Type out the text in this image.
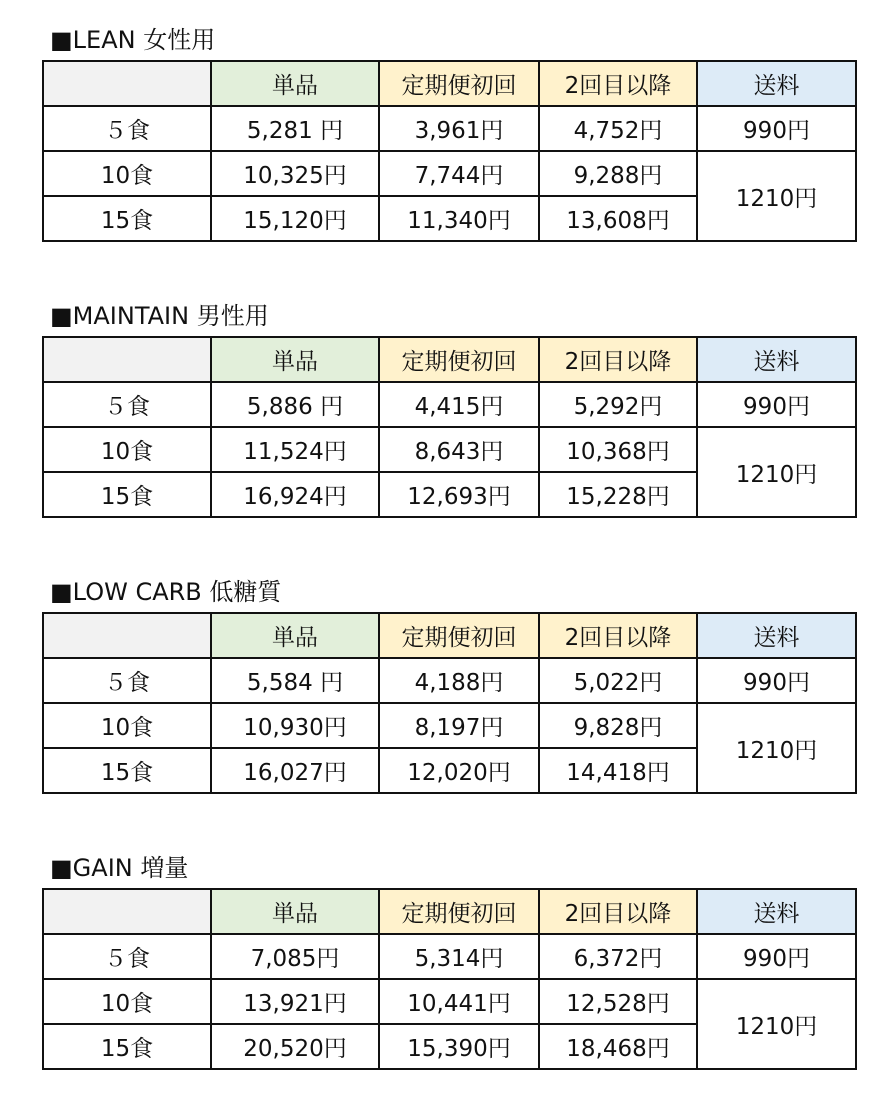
■LEAN 女性用
	単品	定期便初回	2回目以降	送料
５食	5,281 円	3,961円	4,752円	990円
10食	10,325円	7,744円	9,288円	1210円
15食	15,120円	11,340円	13,608円	
■MAINTAIN 男性用
	単品	定期便初回	2回目以降	送料
５食	5,886 円	4,415円	5,292円	990円
10食	11,524円	8,643円	10,368円	1210円
15食	16,924円	12,693円	15,228円	
■LOW CARB 低糖質
	単品	定期便初回	2回目以降	送料
５食	5,584 円	4,188円	5,022円	990円
10食	10,930円	8,197円	9,828円	1210円
15食	16,027円	12,020円	14,418円	
■GAIN 増量
	単品	定期便初回	2回目以降	送料
５食	7,085円	5,314円	6,372円	990円
10食	13,921円	10,441円	12,528円	1210円
15食	20,520円	15,390円	18,468円	
